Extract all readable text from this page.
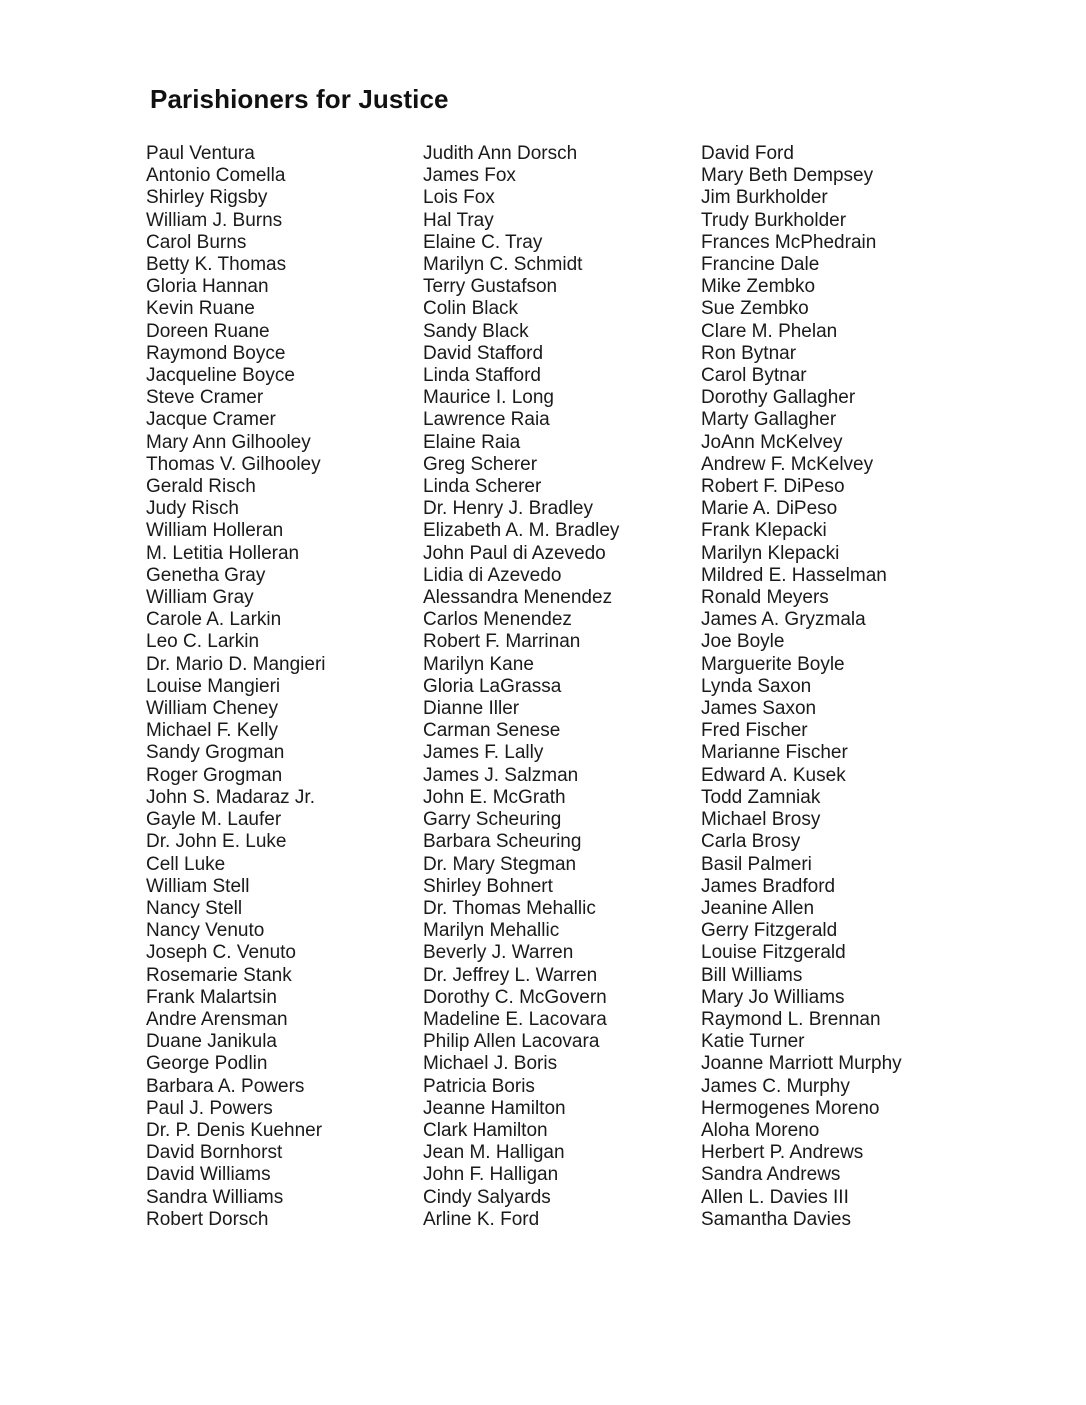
Parishioners for Justice
Paul Ventura
Antonio Comella
Shirley Rigsby
William J. Burns
Carol Burns
Betty K. Thomas
Gloria Hannan
Kevin Ruane
Doreen Ruane
Raymond Boyce
Jacqueline Boyce
Steve Cramer
Jacque Cramer
Mary Ann Gilhooley
Thomas V. Gilhooley
Gerald Risch
Judy Risch
William Holleran
M. Letitia Holleran
Genetha Gray
William Gray
Carole A. Larkin
Leo C. Larkin
Dr. Mario D. Mangieri
Louise Mangieri
William Cheney
Michael F. Kelly
Sandy Grogman
Roger Grogman
John S. Madaraz Jr.
Gayle M. Laufer
Dr. John E. Luke
Cell Luke
William Stell
Nancy Stell
Nancy Venuto
Joseph C. Venuto
Rosemarie Stank
Frank Malartsin
Andre Arensman
Duane Janikula
George Podlin
Barbara A. Powers
Paul J. Powers
Dr. P. Denis Kuehner
David Bornhorst
David Williams
Sandra Williams
Robert Dorsch
Judith Ann Dorsch
James Fox
Lois Fox
Hal Tray
Elaine C. Tray
Marilyn C. Schmidt
Terry Gustafson
Colin Black
Sandy Black
David Stafford
Linda Stafford
Maurice I. Long
Lawrence Raia
Elaine Raia
Greg Scherer
Linda Scherer
Dr. Henry J. Bradley
Elizabeth A. M. Bradley
John Paul di Azevedo
Lidia di Azevedo
Alessandra Menendez
Carlos Menendez
Robert F. Marrinan
Marilyn Kane
Gloria LaGrassa
Dianne Iller
Carman Senese
James F. Lally
James J. Salzman
John E. McGrath
Garry Scheuring
Barbara Scheuring
Dr. Mary Stegman
Shirley Bohnert
Dr. Thomas Mehallic
Marilyn Mehallic
Beverly J. Warren
Dr. Jeffrey L. Warren
Dorothy C. McGovern
Madeline E. Lacovara
Philip Allen Lacovara
Michael J. Boris
Patricia Boris
Jeanne Hamilton
Clark Hamilton
Jean M. Halligan
John F. Halligan
Cindy Salyards
Arline K. Ford
David Ford
Mary Beth Dempsey
Jim Burkholder
Trudy Burkholder
Frances McPhedrain
Francine Dale
Mike Zembko
Sue Zembko
Clare M. Phelan
Ron Bytnar
Carol Bytnar
Dorothy Gallagher
Marty Gallagher
JoAnn McKelvey
Andrew F. McKelvey
Robert F. DiPeso
Marie A. DiPeso
Frank Klepacki
Marilyn Klepacki
Mildred E. Hasselman
Ronald Meyers
James A. Gryzmala
Joe Boyle
Marguerite Boyle
Lynda Saxon
James Saxon
Fred Fischer
Marianne Fischer
Edward A. Kusek
Todd Zamniak
Michael Brosy
Carla Brosy
Basil Palmeri
James Bradford
Jeanine Allen
Gerry Fitzgerald
Louise Fitzgerald
Bill Williams
Mary Jo Williams
Raymond L. Brennan
Katie Turner
Joanne Marriott Murphy
James C. Murphy
Hermogenes Moreno
Aloha Moreno
Herbert P. Andrews
Sandra Andrews
Allen L. Davies III
Samantha Davies
